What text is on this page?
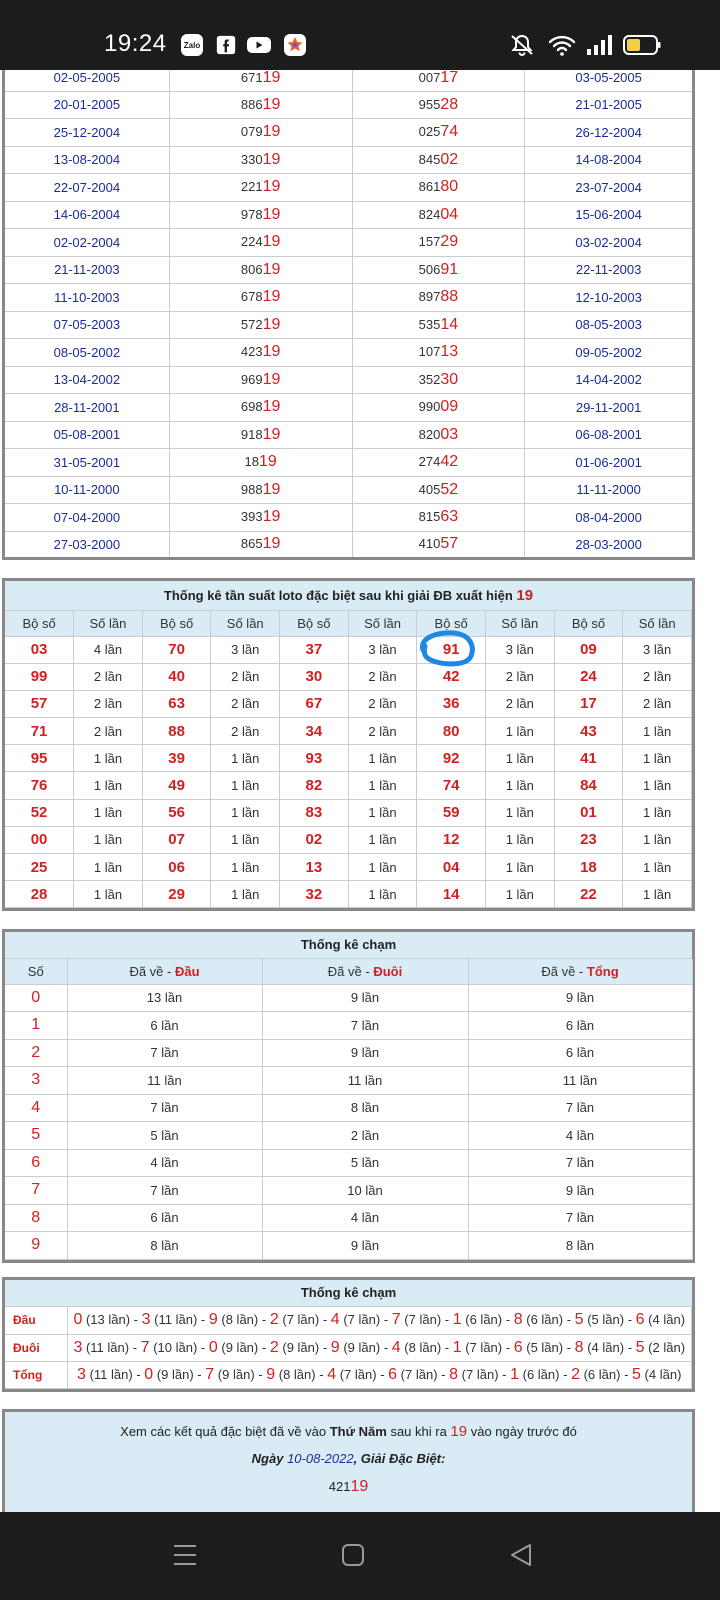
19:24 Zalo
02-05-2005	67119	00717	03-05-2005
20-01-2005	88619	95528	21-01-2005
25-12-2004	07919	02574	26-12-2004
13-08-2004	33019	84502	14-08-2004
22-07-2004	22119	86180	23-07-2004
14-06-2004	97819	82404	15-06-2004
02-02-2004	22419	15729	03-02-2004
21-11-2003	80619	50691	22-11-2003
11-10-2003	67819	89788	12-10-2003
07-05-2003	57219	53514	08-05-2003
08-05-2002	42319	10713	09-05-2002
13-04-2002	96919	35230	14-04-2002
28-11-2001	69819	99009	29-11-2001
05-08-2001	91819	82003	06-08-2001
31-05-2001	1819	27442	01-06-2001
10-11-2000	98819	40552	11-11-2000
07-04-2000	39319	81563	08-04-2000
27-03-2000	86519	41057	28-03-2000
Thống kê tần suất loto đặc biệt sau khi giải ĐB xuất hiện 19
Bộ số	Số lần	Bộ số	Số lần	Bộ số	Số lần	Bộ số	Số lần	Bộ số	Số lần
03	4 lần	70	3 lần	37	3 lần	91	3 lần	09	3 lần
99	2 lần	40	2 lần	30	2 lần	42	2 lần	24	2 lần
57	2 lần	63	2 lần	67	2 lần	36	2 lần	17	2 lần
71	2 lần	88	2 lần	34	2 lần	80	1 lần	43	1 lần
95	1 lần	39	1 lần	93	1 lần	92	1 lần	41	1 lần
76	1 lần	49	1 lần	82	1 lần	74	1 lần	84	1 lần
52	1 lần	56	1 lần	83	1 lần	59	1 lần	01	1 lần
00	1 lần	07	1 lần	02	1 lần	12	1 lần	23	1 lần
25	1 lần	06	1 lần	13	1 lần	04	1 lần	18	1 lần
28	1 lần	29	1 lần	32	1 lần	14	1 lần	22	1 lần
Thống kê chạm
Số	Đã về - Đầu	Đã về - Đuôi	Đã về - Tổng
0	13 lần	9 lần	9 lần
1	6 lần	7 lần	6 lần
2	7 lần	9 lần	6 lần
3	11 lần	11 lần	11 lần
4	7 lần	8 lần	7 lần
5	5 lần	2 lần	4 lần
6	4 lần	5 lần	7 lần
7	7 lần	10 lần	9 lần
8	6 lần	4 lần	7 lần
9	8 lần	9 lần	8 lần
Thống kê chạm
Đầu	0 (13 lần) - 3 (11 lần) - 9 (8 lần) - 2 (7 lần) - 4 (7 lần) - 7 (7 lần) - 1 (6 lần) - 8 (6 lần) - 5 (5 lần) - 6 (4 lần)
Đuôi	3 (11 lần) - 7 (10 lần) - 0 (9 lần) - 2 (9 lần) - 9 (9 lần) - 4 (8 lần) - 1 (7 lần) - 6 (5 lần) - 8 (4 lần) - 5 (2 lần)
Tổng	3 (11 lần) - 0 (9 lần) - 7 (9 lần) - 9 (8 lần) - 4 (7 lần) - 6 (7 lần) - 8 (7 lần) - 1 (6 lần) - 2 (6 lần) - 5 (4 lần)
Xem các kết quả đặc biệt đã về vào Thứ Năm sau khi ra 19 vào ngày trước đó
Ngày 10-08-2022, Giải Đặc Biệt:
42119
